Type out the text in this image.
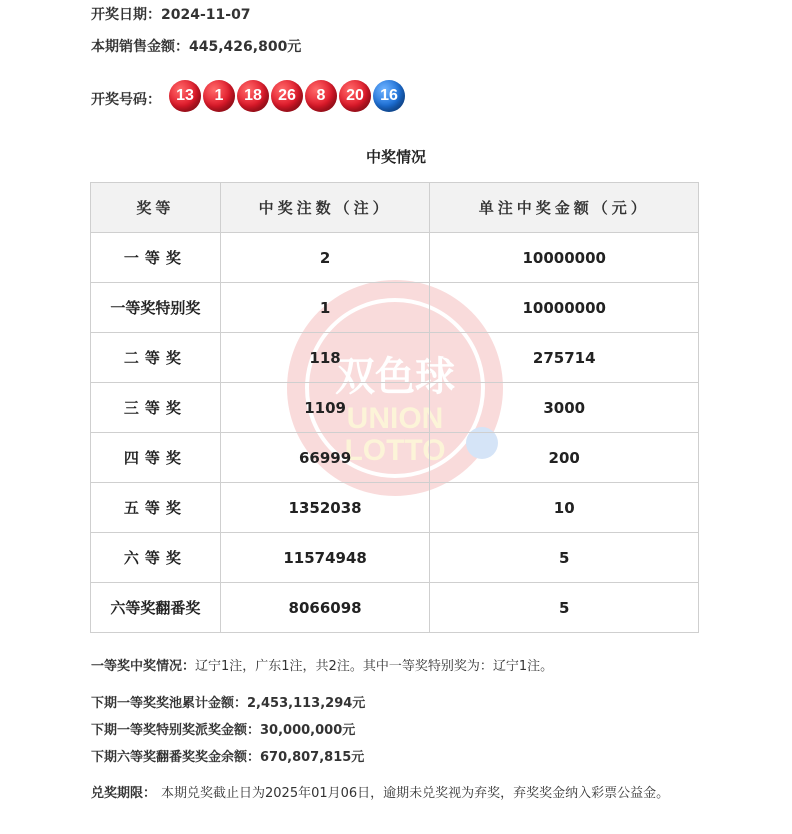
开奖日期：2024-11-07
本期销售金额：445,426,800元
开奖号码： 13	1	18	26	8	20	16
中奖情况
双色球
UNION
LOTTO
奖等	中奖注数（注）	单注中奖金额（元）
一等奖	2	10000000
一等奖特别奖	1	10000000
二等奖	118	275714
三等奖	1109	3000
四等奖	66999	200
五等奖	1352038	10
六等奖	11574948	5
六等奖翻番奖	8066098	5
一等奖中奖情况：辽宁1注，广东1注，共2注。其中一等奖特别奖为：辽宁1注。
下期一等奖奖池累计金额：2,453,113,294元
下期一等奖特别奖派奖金额：30,000,000元
下期六等奖翻番奖奖金余额：670,807,815元
兑奖期限： 本期兑奖截止日为2025年01月06日，逾期未兑奖视为弃奖，弃奖奖金纳入彩票公益金。
